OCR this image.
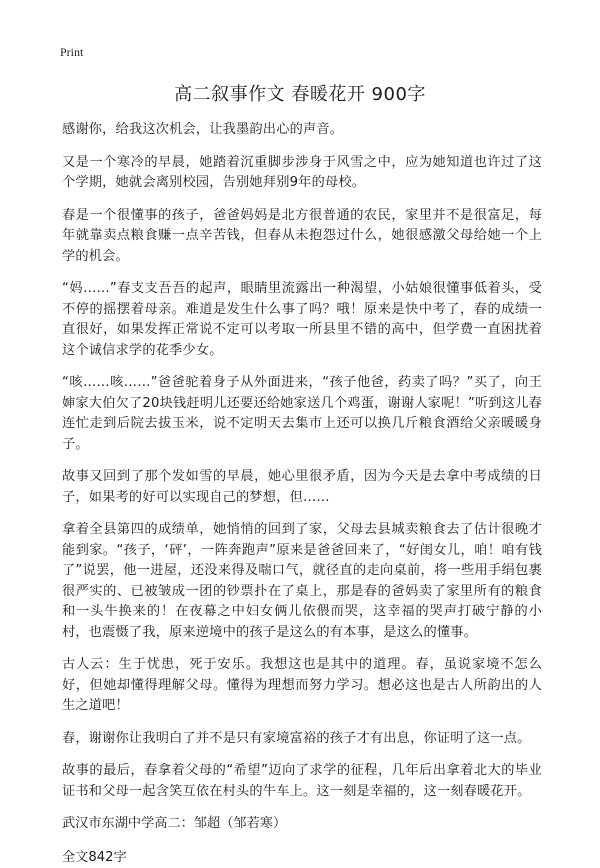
Print
高二叙事作文 春暖花开 900字

感谢你，给我这次机会，让我墨韵出心的声音。

又是一个寒冷的早晨，她踏着沉重脚步涉身于风雪之中，应为她知道也许过了这个学期，她就会离别校园，告别她拜别9年的母校。

春是一个很懂事的孩子，爸爸妈妈是北方很普通的农民，家里并不是很富足，每年就靠卖点粮食赚一点辛苦钱，但春从未抱怨过什么，她很感激父母给她一个上学的机会。

“妈……”春支支吾吾的起声，眼睛里流露出一种渴望，小姑娘很懂事低着头，受不停的摇摆着母亲。难道是发生什么事了吗？哦！原来是快中考了，春的成绩一直很好，如果发挥正常说不定可以考取一所县里不错的高中，但学费一直困扰着这个诚信求学的花季少女。

“咳……咳……”爸爸驼着身子从外面进来，“孩子他爸，药卖了吗？”买了，向王婶家大伯欠了20块钱赶明儿还要还给她家送几个鸡蛋，谢谢人家呢！”听到这儿春连忙走到后院去拔玉米，说不定明天去集市上还可以换几斤粮食酒给父亲暖暖身子。

故事又回到了那个发如雪的早晨，她心里很矛盾，因为今天是去拿中考成绩的日子，如果考的好可以实现自己的梦想，但……

拿着全县第四的成绩单，她悄悄的回到了家，父母去县城卖粮食去了估计很晚才能到家。“孩子，‘砰’，一阵奔跑声”原来是爸爸回来了，“好闺女儿，咱！咱有钱了”说罢，他一进屋，还没来得及喘口气，就径直的走向桌前，将一些用手绢包裹很严实的、已被皱成一团的钞票扑在了桌上，那是春的爸妈卖了家里所有的粮食和一头牛换来的！在夜幕之中妇女俩儿依偎而哭，这幸福的哭声打破宁静的小村，也震慑了我，原来逆境中的孩子是这么的有本事，是这么的懂事。

古人云：生于忧患，死于安乐。我想这也是其中的道理。春，虽说家境不怎么好，但她却懂得理解父母。懂得为理想而努力学习。想必这也是古人所韵出的人生之道吧！

春，谢谢你让我明白了并不是只有家境富裕的孩子才有出息，你证明了这一点。

故事的最后，春拿着父母的“希望”迈向了求学的征程，几年后出拿着北大的毕业证书和父母一起含笑互依在村头的牛车上。这一刻是幸福的，这一刻春暖花开。

武汉市东湖中学高二：邹超（邹若寒）

全文842字
